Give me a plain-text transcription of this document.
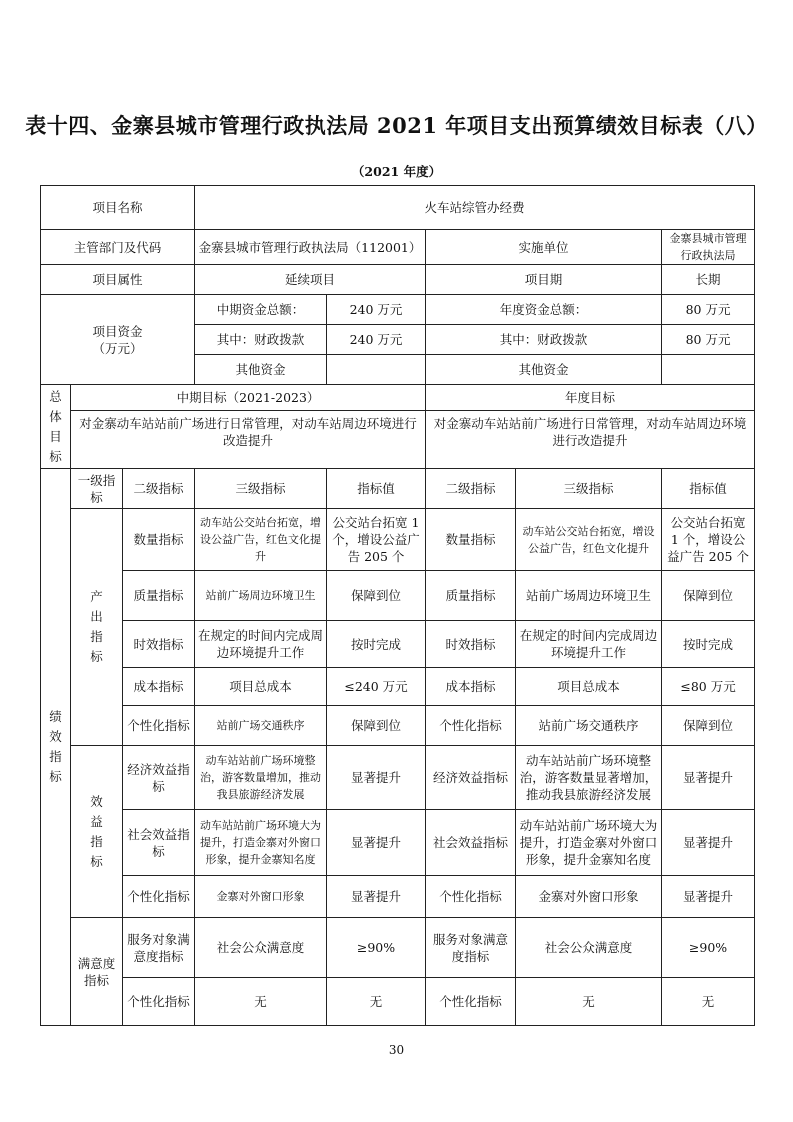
表十四、金寨县城市管理行政执法局 2021 年项目支出预算绩效目标表（八）
（2021 年度）
项目名称			火车站综管办经费				
主管部门及代码			金寨县城市管理行政执法局（112001）		实施单位		金寨县城市管理行政执法局
项目属性			延续项目		项目期		长期

项目资金
（万元）			中期资金总额：	240 万元	年度资金总额：		80 万元
			其中：财政拨款	240 万元	其中：财政拨款		80 万元
			其他资金		其他资金		
总体目标	中期目标（2021-2023）				年度目标		
	对金寨动车站站前广场进行日常管理，对动车站周边环境进行改造提升				对金寨动车站站前广场进行日常管理，对动车站周边环境进行改造提升		
绩效指标	一级指标	二级指标	三级指标	指标值	二级指标	三级指标	指标值
	产出指标	数量指标	动车站公交站台拓宽，增设公益广告，红色文化提升	公交站台拓宽 1 个，增设公益广告 205 个	数量指标	动车站公交站台拓宽，增设公益广告，红色文化提升	公交站台拓宽 1 个，增设公益广告 205 个
		质量指标	站前广场周边环境卫生	保障到位	质量指标	站前广场周边环境卫生	保障到位
		时效指标	在规定的时间内完成周边环境提升工作	按时完成	时效指标	在规定的时间内完成周边环境提升工作	按时完成
		成本指标	项目总成本	≤240 万元	成本指标	项目总成本	≤80 万元
		个性化指标	站前广场交通秩序	保障到位	个性化指标	站前广场交通秩序	保障到位
	效益指标	经济效益指标	动车站站前广场环境整治，游客数量增加，推动我县旅游经济发展	显著提升	经济效益指标	动车站站前广场环境整治，游客数量显著增加，推动我县旅游经济发展	显著提升
		社会效益指标	动车站站前广场环境大为提升，打造金寨对外窗口形象，提升金寨知名度	显著提升	社会效益指标	动车站站前广场环境大为提升，打造金寨对外窗口形象，提升金寨知名度	显著提升
		个性化指标	金寨对外窗口形象	显著提升	个性化指标	金寨对外窗口形象	显著提升
	满意度指标	服务对象满意度指标	社会公众满意度	≥90%	服务对象满意度指标	社会公众满意度	≥90%
		个性化指标	无	无	个性化指标	无	无
30
